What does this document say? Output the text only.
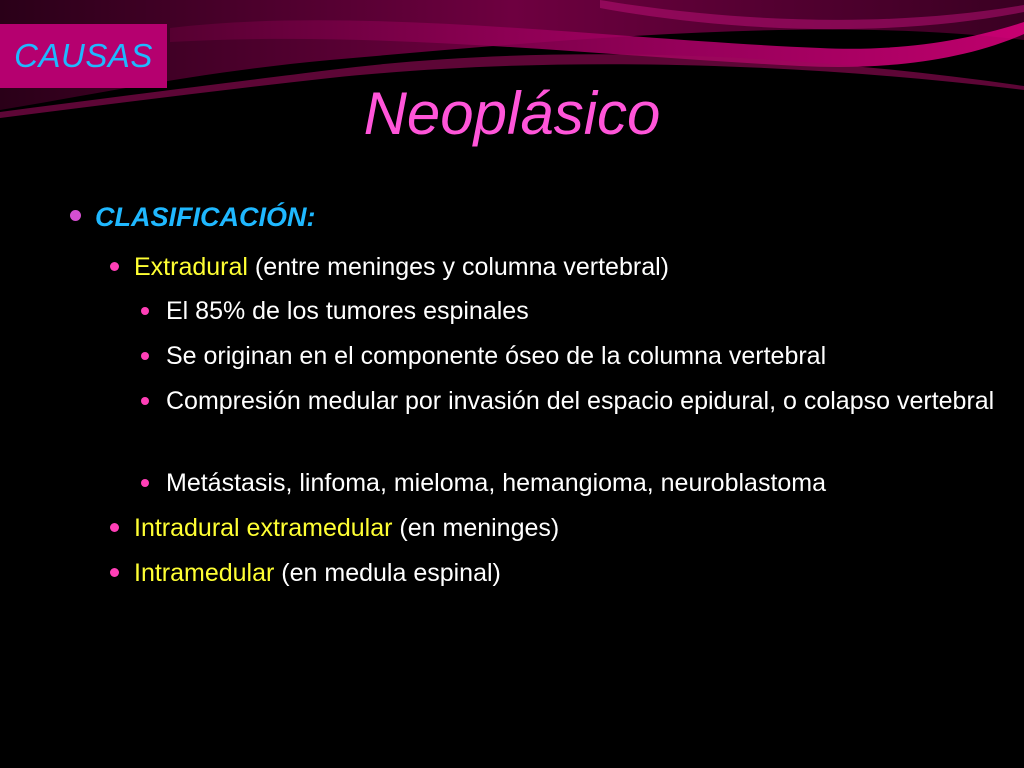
CAUSAS
Neoplásico
CLASIFICACIÓN:
Extradural (entre meninges y columna vertebral)
El 85% de los tumores espinales
Se originan en el componente óseo de la columna vertebral
Compresión medular por invasión del espacio epidural, o colapso vertebral
Metástasis, linfoma, mieloma, hemangioma, neuroblastoma
Intradural extramedular (en meninges)
Intramedular (en medula espinal)
